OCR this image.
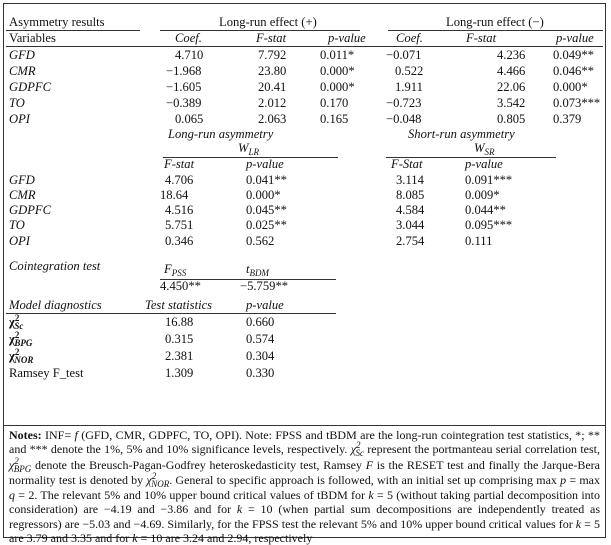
Asymmetry results	Long-run effect (+)	Long-run effect (−)
Variables	Coef.	F-stat	p-value Coef.	F-stat	p-value
GFD	4.710	7.792	0.011*	−0.071	4.236 0.049**
CMR	−1.968	23.80	0.000*	0.522	4.466 0.046**
GDPFC	−1.605	20.41	0.000*	1.911	22.06 0.000*
TO	−0.389	2.012	0.170	−0.723	3.542 0.073***
OPI	0.065	2.063	0.165	−0.048	0.805 0.379
Long-run asymmetry	Short-run asymmetry
$W_{LR}$	$W_{SR}$
F-stat	p-value	F-Stat	p-value
GFD	4.706	0.041**	3.114	0.091***
CMR	18.64	0.000*	8.085	0.009*
GDPFC	4.516	0.045**	4.584	0.044**
TO	5.751	0.025**	3.044	0.095***
OPI	0.346	0.562	2.754	0.111
Cointegration test	$F_{PSS}$	$t_{BDM}$
4.450**	−5.759**
Model diagnostics	Test statistics	p-value
$\chi^2_{Sc}$	16.88	0.660
$\chi^2_{BPG}$	0.315	0.574
$\chi^2_{NOR}$	2.381	0.304
Ramsey F_test	1.309	0.330
Notes: INF= f (GFD, CMR, GDPFC, TO, OPI). Note: FPSS and tBDM are the long-run cointegration test statistics, *; ** and *** denote the 1%, 5% and 10% significance levels, respectively. $\chi^2_{Sc}$ represent the portmanteau serial correlation test, $\chi^2_{BPG}$ denote the Breusch-Pagan-Godfrey heteroskedasticity test, Ramsey F is the RESET test and finally the Jarque-Bera normality test is denoted by $\chi^2_{NOR}$. General to specific approach is followed, with an initial set up comprising max p = max q = 2. The relevant 5% and 10% upper bound critical values of tBDM for k = 5 (without taking partial decomposition into consideration) are −4.19 and −3.86 and for k = 10 (when partial sum decompositions are independently treated as regressors) are −5.03 and −4.69. Similarly, for the FPSS test the relevant 5% and 10% upper bound critical values for k = 5 are 3.79 and 3.35 and for k = 10 are 3.24 and 2.94, respectively
